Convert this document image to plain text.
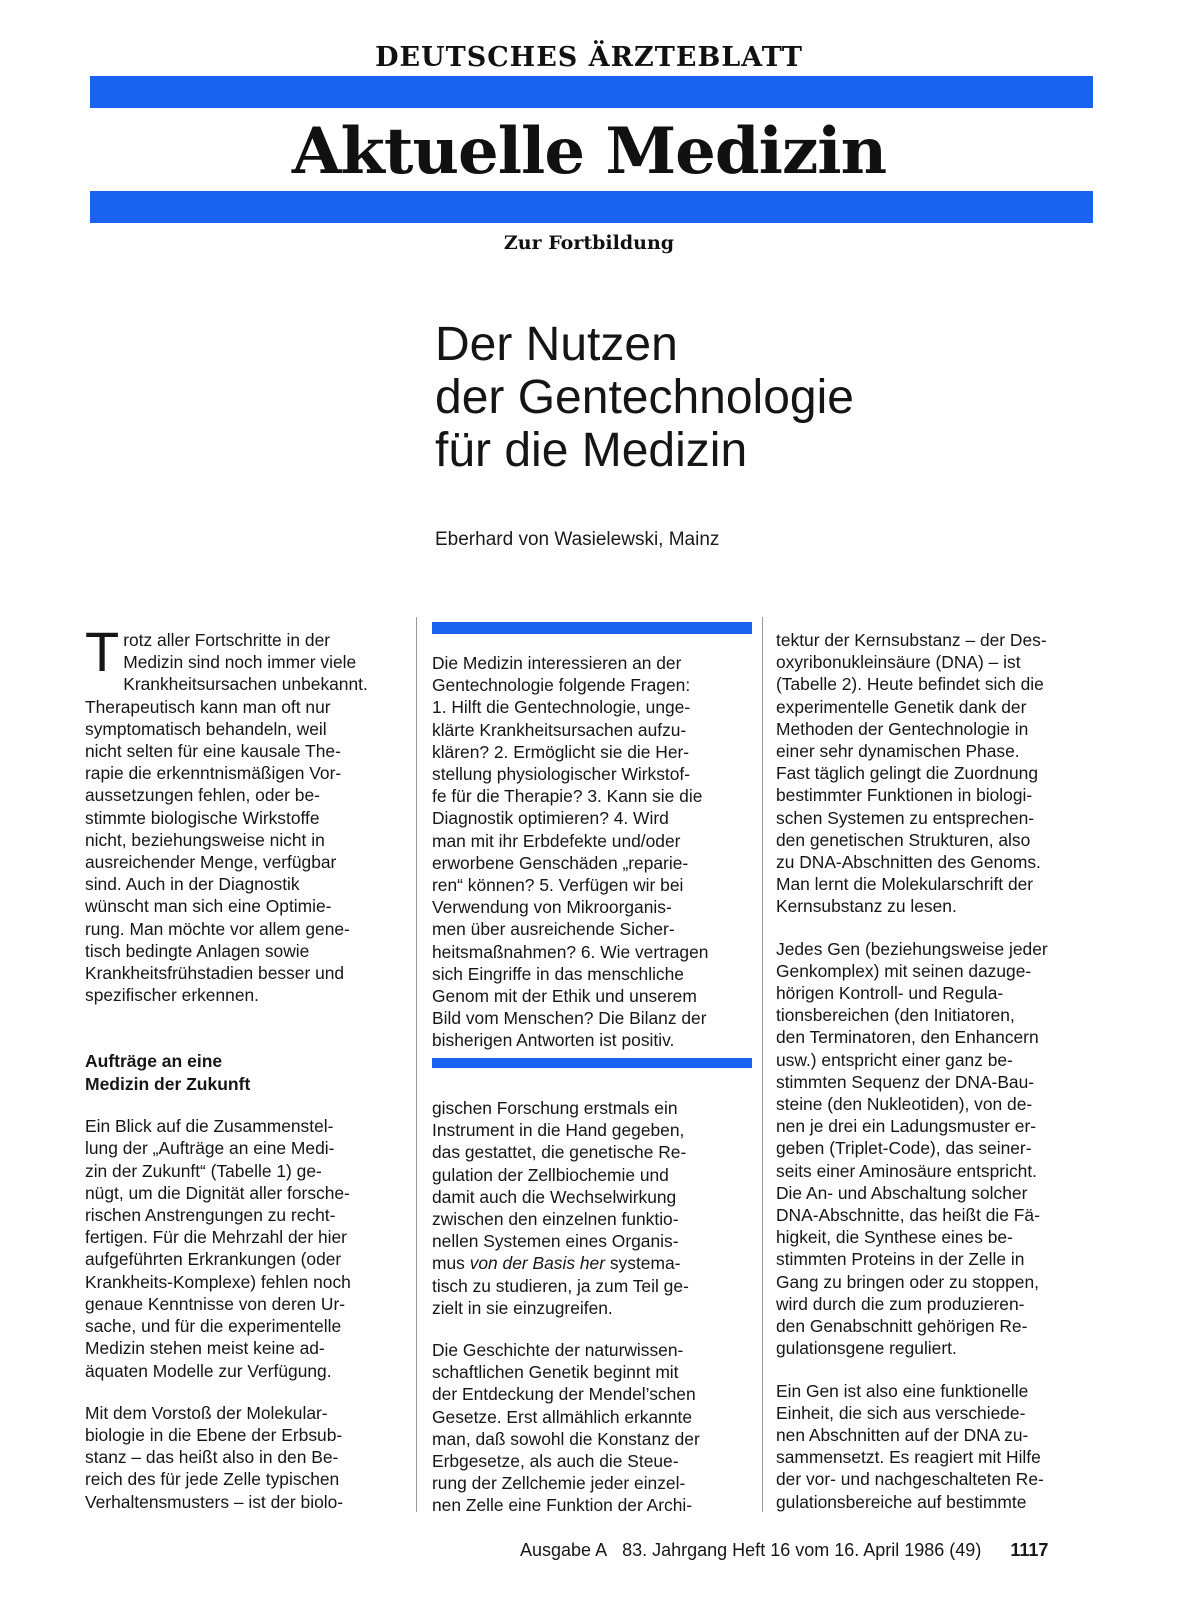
DEUTSCHES ÄRZTEBLATT
Aktuelle Medizin
Zur Fortbildung
Der Nutzen
der Gentechnologie
für die Medizin
Eberhard von Wasielewski, Mainz
T rotz aller Fortschritte in der
Medizin sind noch immer viele
Krankheitsursachen unbekannt.
Therapeutisch kann man oft nur
symptomatisch behandeln, weil
nicht selten für eine kausale The-
rapie die erkenntnismäßigen Vor-
aussetzungen fehlen, oder be-
stimmte biologische Wirkstoffe
nicht, beziehungsweise nicht in
ausreichender Menge, verfügbar
sind. Auch in der Diagnostik
wünscht man sich eine Optimie-
rung. Man möchte vor allem gene-
tisch bedingte Anlagen sowie
Krankheitsfrühstadien besser und
spezifischer erkennen.
Aufträge an eine
Medizin der Zukunft
Ein Blick auf die Zusammenstel-
lung der „Aufträge an eine Medi-
zin der Zukunft“ (Tabelle 1) ge-
nügt, um die Dignität aller forsche-
rischen Anstrengungen zu recht-
fertigen. Für die Mehrzahl der hier
aufgeführten Erkrankungen (oder
Krankheits-Komplexe) fehlen noch
genaue Kenntnisse von deren Ur-
sache, und für die experimentelle
Medizin stehen meist keine ad-
äquaten Modelle zur Verfügung.
Mit dem Vorstoß der Molekular-
biologie in die Ebene der Erbsub-
stanz – das heißt also in den Be-
reich des für jede Zelle typischen
Verhaltensmusters – ist der biolo-
Die Medizin interessieren an der
Gentechnologie folgende Fragen:
1. Hilft die Gentechnologie, unge-
klärte Krankheitsursachen aufzu-
klären? 2. Ermöglicht sie die Her-
stellung physiologischer Wirkstof-
fe für die Therapie? 3. Kann sie die
Diagnostik optimieren? 4. Wird
man mit ihr Erbdefekte und/oder
erworbene Genschäden „reparie-
ren“ können? 5. Verfügen wir bei
Verwendung von Mikroorganis-
men über ausreichende Sicher-
heitsmaßnahmen? 6. Wie vertragen
sich Eingriffe in das menschliche
Genom mit der Ethik und unserem
Bild vom Menschen? Die Bilanz der
bisherigen Antworten ist positiv.
gischen Forschung erstmals ein
Instrument in die Hand gegeben,
das gestattet, die genetische Re-
gulation der Zellbiochemie und
damit auch die Wechselwirkung
zwischen den einzelnen funktio-
nellen Systemen eines Organis-
mus von der Basis her systema-
tisch zu studieren, ja zum Teil ge-
zielt in sie einzugreifen.
Die Geschichte der naturwissen-
schaftlichen Genetik beginnt mit
der Entdeckung der Mendel’schen
Gesetze. Erst allmählich erkannte
man, daß sowohl die Konstanz der
Erbgesetze, als auch die Steue-
rung der Zellchemie jeder einzel-
nen Zelle eine Funktion der Archi-
tektur der Kernsubstanz – der Des-
oxyribonukleinsäure (DNA) – ist
(Tabelle 2). Heute befindet sich die
experimentelle Genetik dank der
Methoden der Gentechnologie in
einer sehr dynamischen Phase.
Fast täglich gelingt die Zuordnung
bestimmter Funktionen in biologi-
schen Systemen zu entsprechen-
den genetischen Strukturen, also
zu DNA-Abschnitten des Genoms.
Man lernt die Molekularschrift der
Kernsubstanz zu lesen.
Jedes Gen (beziehungsweise jeder
Genkomplex) mit seinen dazuge-
hörigen Kontroll- und Regula-
tionsbereichen (den Initiatoren,
den Terminatoren, den Enhancern
usw.) entspricht einer ganz be-
stimmten Sequenz der DNA-Bau-
steine (den Nukleotiden), von de-
nen je drei ein Ladungsmuster er-
geben (Triplet-Code), das seiner-
seits einer Aminosäure entspricht.
Die An- und Abschaltung solcher
DNA-Abschnitte, das heißt die Fä-
higkeit, die Synthese eines be-
stimmten Proteins in der Zelle in
Gang zu bringen oder zu stoppen,
wird durch die zum produzieren-
den Genabschnitt gehörigen Re-
gulationsgene reguliert.
Ein Gen ist also eine funktionelle
Einheit, die sich aus verschiede-
nen Abschnitten auf der DNA zu-
sammensetzt. Es reagiert mit Hilfe
der vor- und nachgeschalteten Re-
gulationsbereiche auf bestimmte
Ausgabe A 83. Jahrgang Heft 16 vom 16. April 1986 (49) 1117
